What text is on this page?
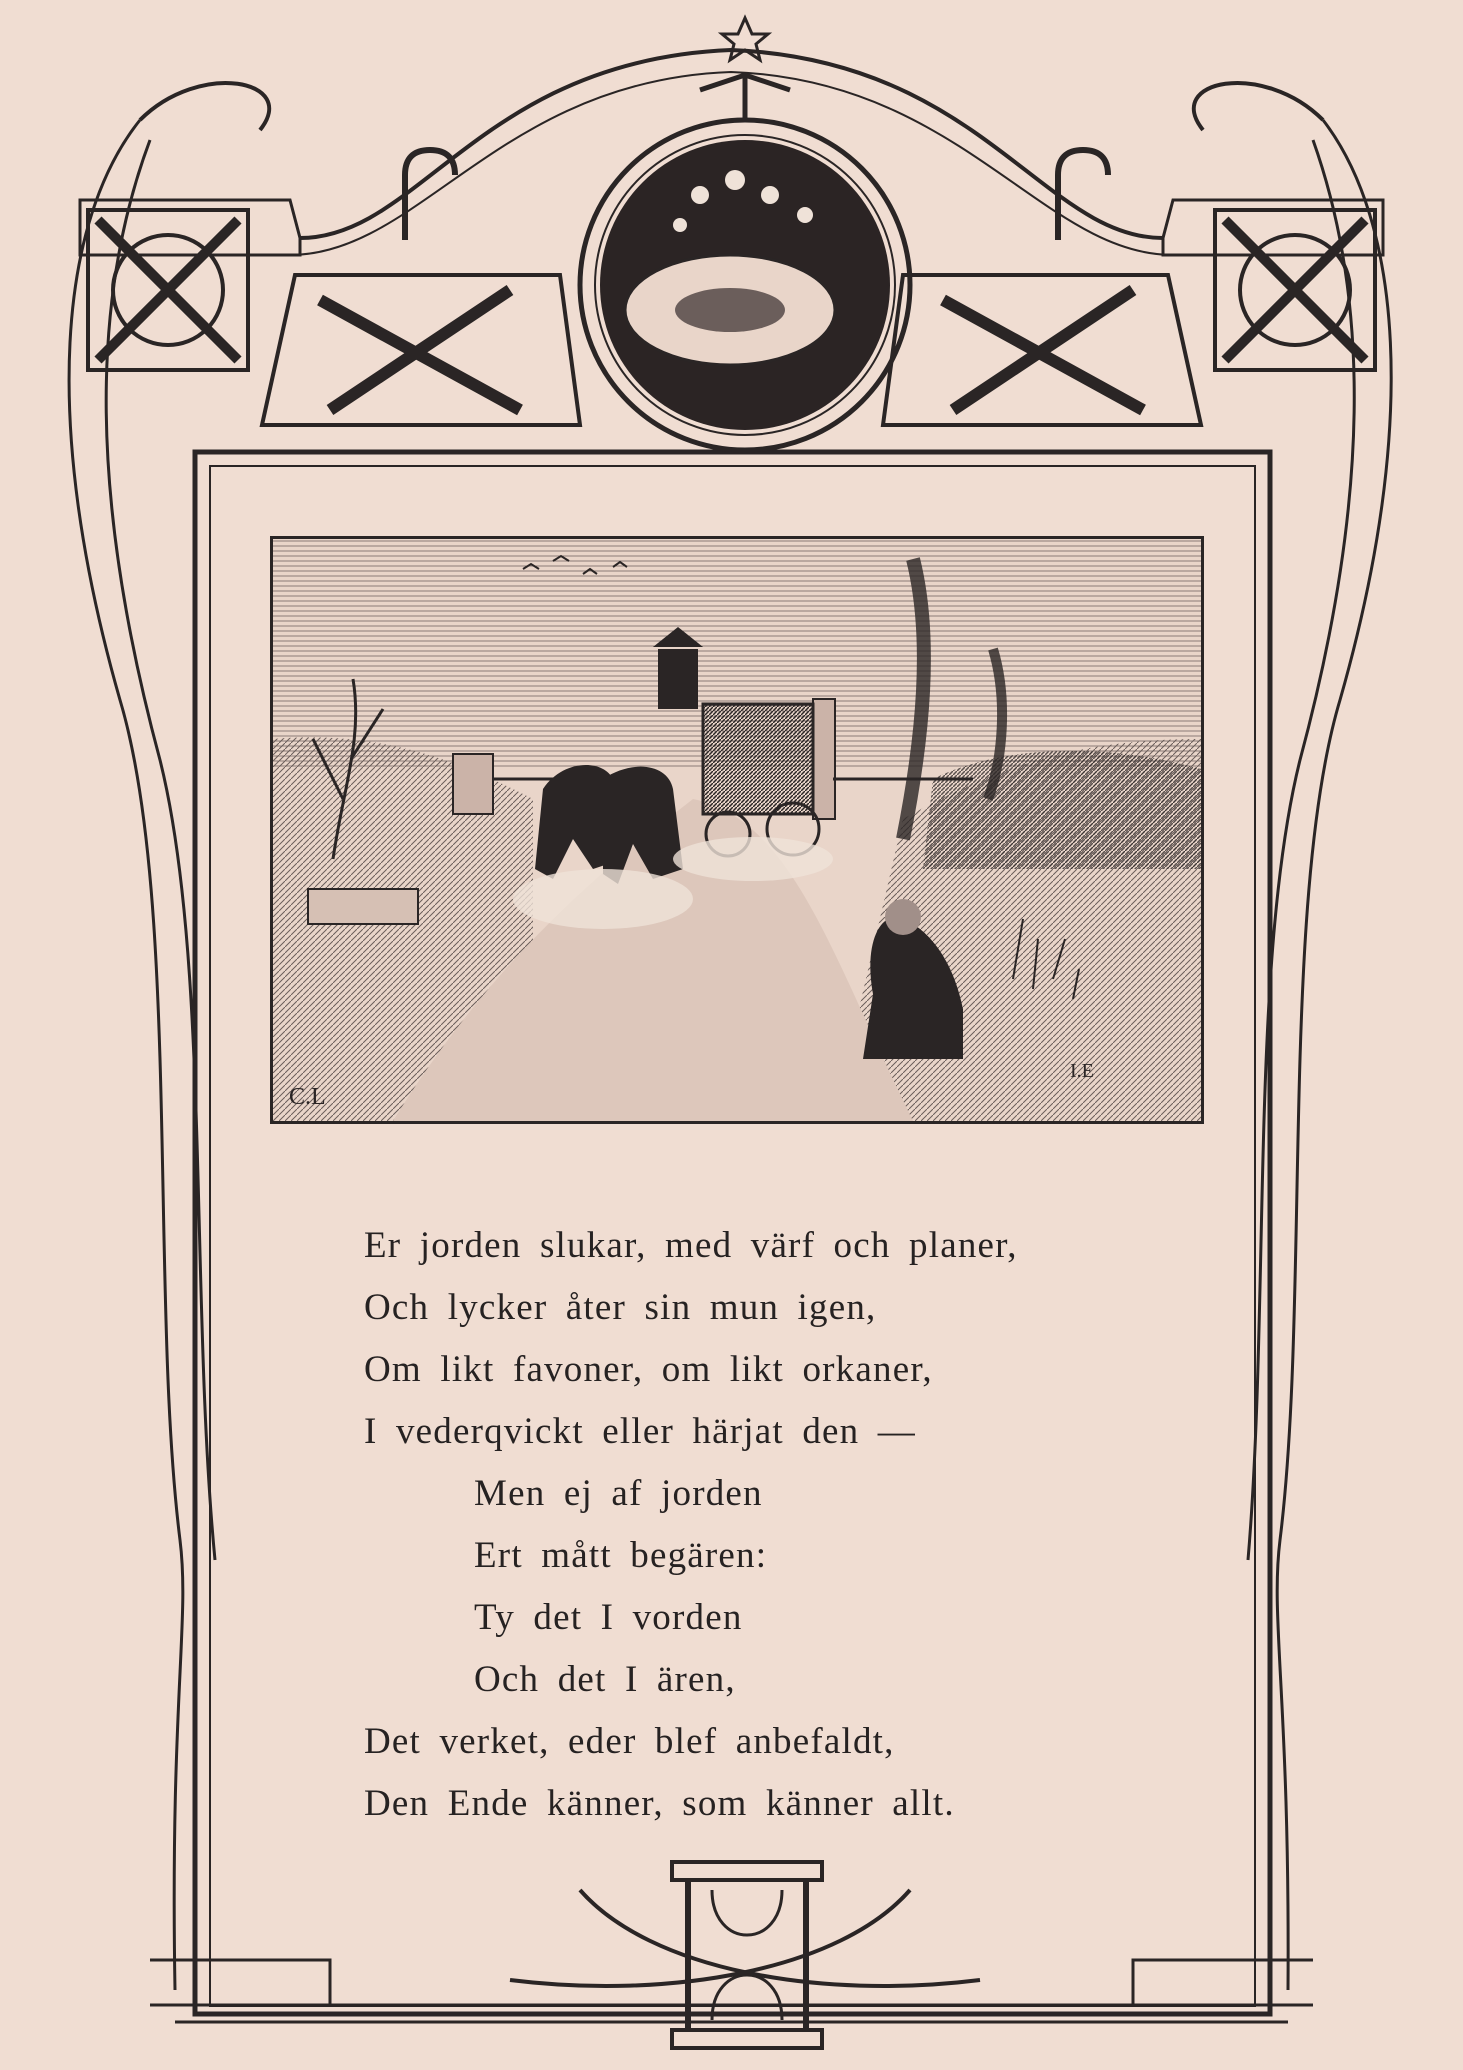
C.L
Er jorden slukar, med värf och planer,
Och lycker åter sin mun igen,
Om likt favoner, om likt orkaner,
I vederqvickt eller härjat den —
Men ej af jorden
Ert mått begären:
Ty det I vorden
Och det I ären,
Det verket, eder blef anbefaldt,
Den Ende känner, som känner allt.
I.E
